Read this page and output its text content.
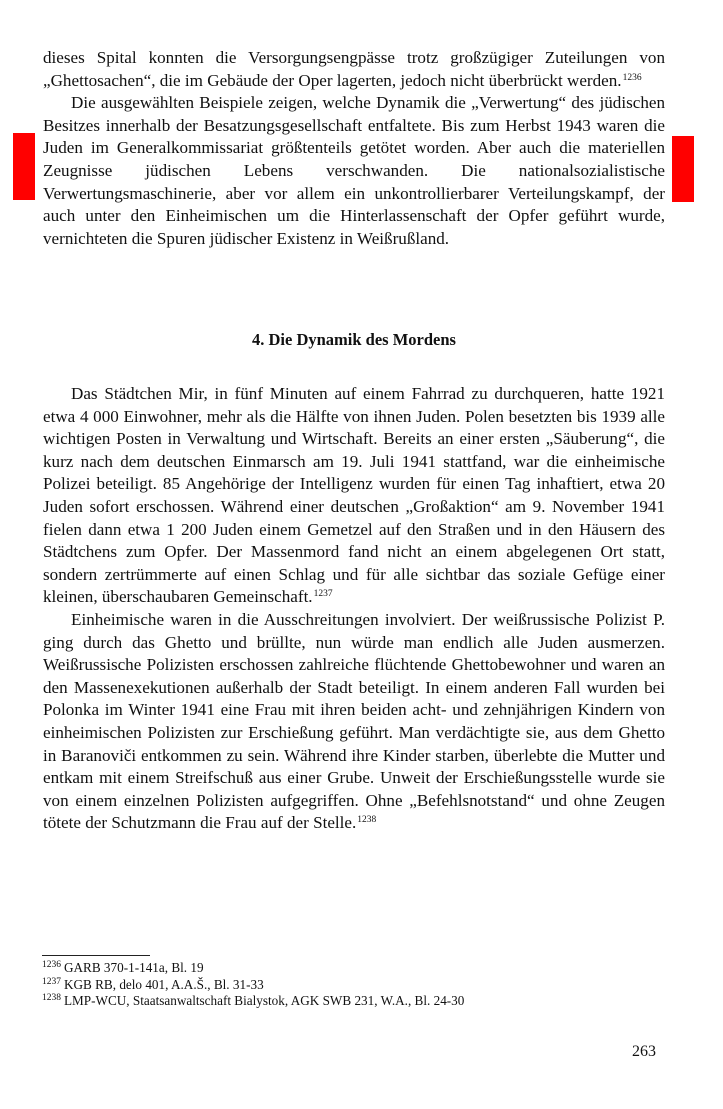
dieses Spital konnten die Versorgungsengpässe trotz großzügiger Zuteilungen von „Ghettosachen“, die im Gebäude der Oper lagerten, jedoch nicht überbrückt werden.$^{1236}$

Die ausgewählten Beispiele zeigen, welche Dynamik die „Verwertung“ des jüdischen Besitzes innerhalb der Besatzungsgesellschaft entfaltete. Bis zum Herbst 1943 waren die Juden im Generalkommissariat größtenteils getötet worden. Aber auch die materiellen Zeugnisse jüdischen Lebens verschwanden. Die nationalsozialistische Verwertungsmaschinerie, aber vor allem ein unkontrollierbarer Verteilungskampf, der auch unter den Einheimischen um die Hinterlassenschaft der Opfer geführt wurde, vernichteten die Spuren jüdischer Existenz in Weißrußland.

4. Die Dynamik des Mordens

Das Städtchen Mir, in fünf Minuten auf einem Fahrrad zu durchqueren, hatte 1921 etwa 4 000 Einwohner, mehr als die Hälfte von ihnen Juden. Polen besetzten bis 1939 alle wichtigen Posten in Verwaltung und Wirtschaft. Bereits an einer ersten „Säuberung“, die kurz nach dem deutschen Einmarsch am 19. Juli 1941 stattfand, war die einheimische Polizei beteiligt. 85 Angehörige der Intelligenz wurden für einen Tag inhaftiert, etwa 20 Juden sofort erschossen. Während einer deutschen „Großaktion“ am 9. November 1941 fielen dann etwa 1 200 Juden einem Gemetzel auf den Straßen und in den Häusern des Städtchens zum Opfer. Der Massenmord fand nicht an einem abgelegenen Ort statt, sondern zertrümmerte auf einen Schlag und für alle sichtbar das soziale Gefüge einer kleinen, überschaubaren Gemeinschaft.$^{1237}$

Einheimische waren in die Ausschreitungen involviert. Der weißrussische Polizist P. ging durch das Ghetto und brüllte, nun würde man endlich alle Juden ausmerzen. Weißrussische Polizisten erschossen zahlreiche flüchtende Ghettobewohner und waren an den Massenexekutionen außerhalb der Stadt beteiligt. In einem anderen Fall wurden bei Polonka im Winter 1941 eine Frau mit ihren beiden acht- und zehnjährigen Kindern von einheimischen Polizisten zur Erschießung geführt. Man verdächtigte sie, aus dem Ghetto in Baranoviči entkommen zu sein. Während ihre Kinder starben, überlebte die Mutter und entkam mit einem Streifschuß aus einer Grube. Unweit der Erschießungsstelle wurde sie von einem einzelnen Polizisten aufgegriffen. Ohne „Befehlsnotstand“ und ohne Zeugen tötete der Schutzmann die Frau auf der Stelle.$^{1238}$

1236 GARB 370-1-141a, Bl. 19
1237 KGB RB, delo 401, A.A.Š., Bl. 31-33
1238 LMP-WCU, Staatsanwaltschaft Bialystok, AGK SWB 231, W.A., Bl. 24-30
263
